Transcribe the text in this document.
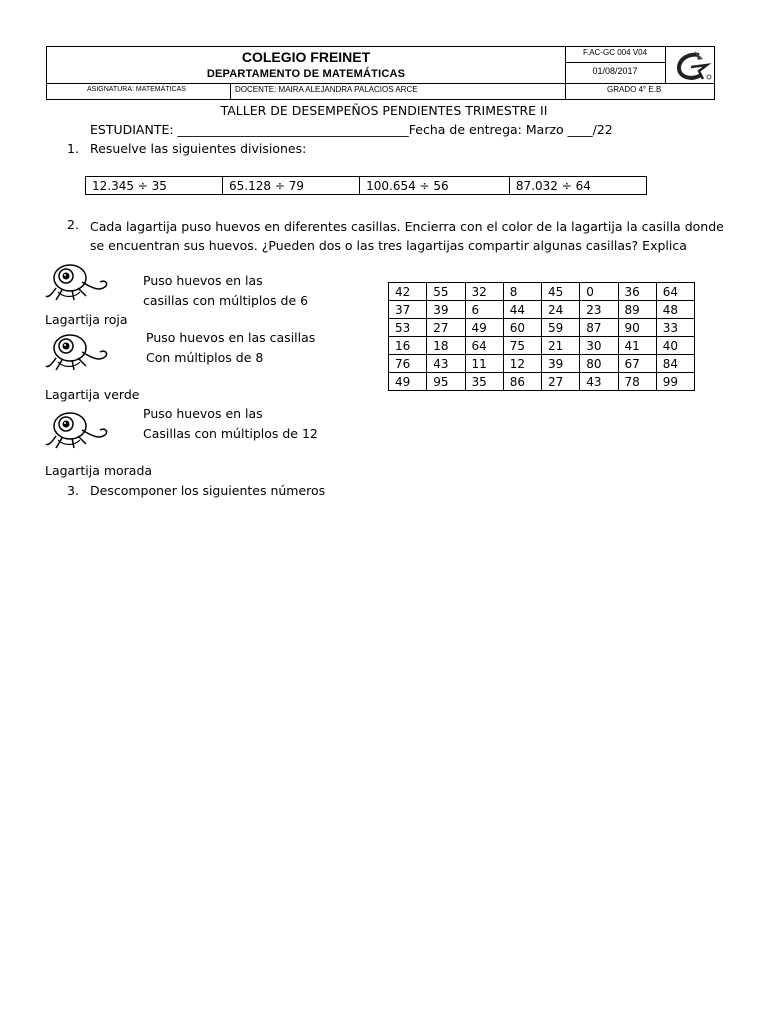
COLEGIO FREINET
DEPARTAMENTO DE MATEMÁTICAS
F.AC-GC 004 V04
01/08/2017
ASIGNATURA: MATEMÁTICAS	DOCENTE: MAIRA ALEJANDRA PALACIOS ARCE	GRADO 4° E.B
TALLER DE DESEMPEÑOS PENDIENTES TRIMESTRE II
ESTUDIANTE: _____________________________________Fecha de entrega: Marzo ____/22
1. Resuelve las siguientes divisiones:
12.345 ÷ 35	65.128 ÷ 79	100.654 ÷ 56	87.032 ÷ 64
2. Cada lagartija puso huevos en diferentes casillas. Encierra con el color de la lagartija la casilla donde se encuentran sus huevos. ¿Pueden dos o las tres lagartijas compartir algunas casillas? Explica
Puso huevos en las
casillas con múltiplos de 6
Lagartija roja
Puso huevos en las casillas
Con múltiplos de 8
Lagartija verde
Puso huevos en las
Casillas con múltiplos de 12
Lagartija morada
42	55	32	8	45	0	36	64
37	39	6	44	24	23	89	48
53	27	49	60	59	87	90	33
16	18	64	75	21	30	41	40
76	43	11	12	39	80	67	84
49	95	35	86	27	43	78	99
3. Descomponer los siguientes números
